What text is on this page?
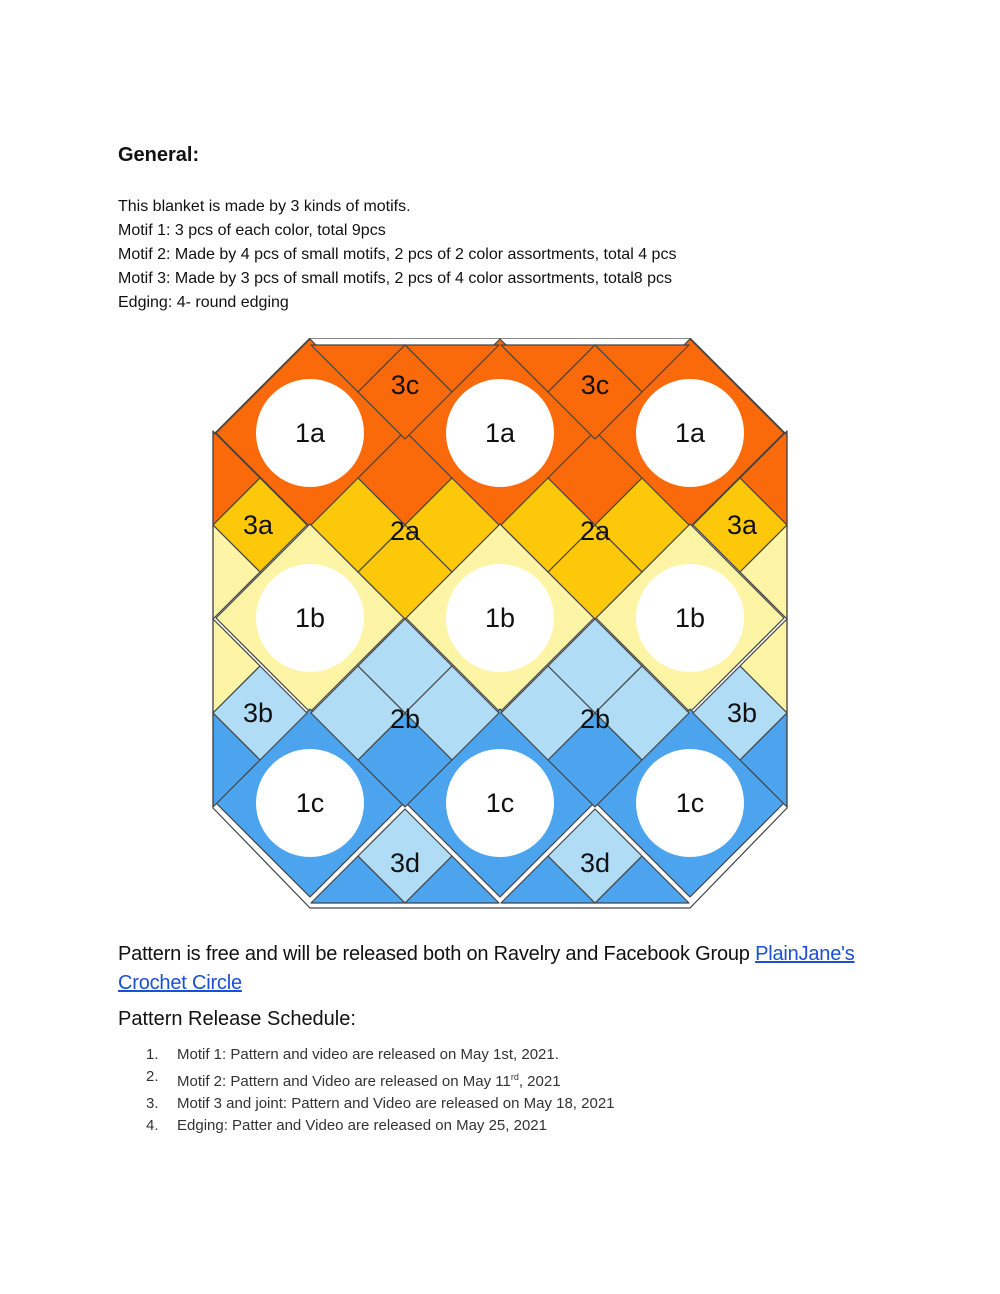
General:
This blanket is made by 3 kinds of motifs.
Motif 1: 3 pcs of each color, total 9pcs
Motif 2: Made by 4 pcs of small motifs, 2 pcs of 2 color assortments, total 4 pcs
Motif 3: Made by 3 pcs of small motifs, 2 pcs of 4 color assortments, total8 pcs
Edging: 4- round edging
1a	1a	1a
1b	1b	1b
1c	1c	1c
2a	2a
2b	2b
3c	3c
3d	3d
3a	3a
3b	3b
Pattern is free and will be released both on Ravelry and Facebook Group PlainJane's Crochet Circle
Pattern Release Schedule:
1.	Motif 1: Pattern and video are released on May 1st, 2021.
2.	Motif 2: Pattern and Video are released on May 11rd, 2021
3.	Motif 3 and joint: Pattern and Video are released on May 18, 2021
4.	Edging: Patter and Video are released on May 25, 2021
